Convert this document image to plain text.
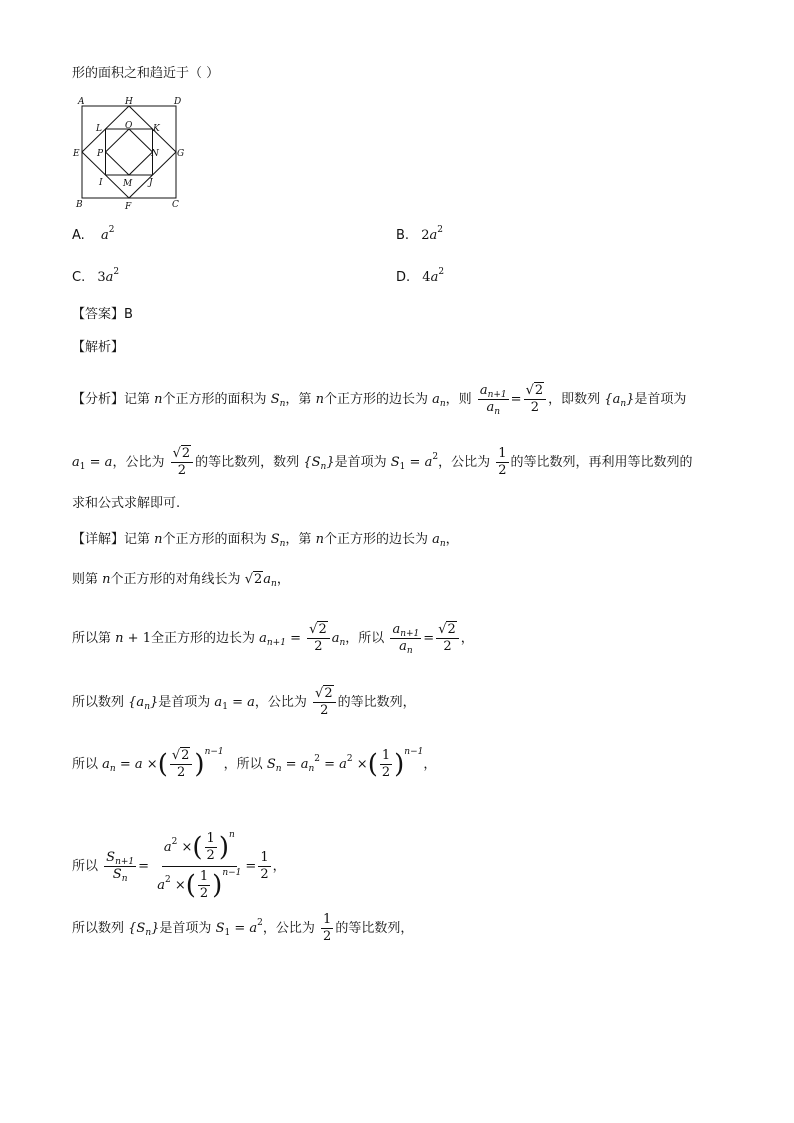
形的面积之和趋近于（ ）
A	H	D
L	O K
E P	N G
I M J
B	F	C
A. $a^2$	B. $2a^2$
C. $3a^2$	D. $4a^2$
【答案】B
【解析】
【分析】记第 n个正方形的面积为 $S_n$，第 n个正方形的边长为 $a_n$，则 $\frac{a_{n+1}}{a_n} = \frac{√2}{2}$ ，即数列 $\{a_n\}$是首项为
$a_1 = a$，公比为 $\frac{√2}{2}$ 的等比数列，数列 $\{S_n\}$是首项为 $S_1 = a^2$，公比为 $\frac{1}{2}$ 的等比数列，再利用等比数列的
求和公式求解即可.
【详解】记第 n个正方形的面积为 $S_n$，第 n个正方形的边长为 $a_n$，
则第 n个正方形的对角线长为 $√2a_n$，
所以第 n + 1全正方形的边长为 $a_{n+1} = \frac{√2}{2} a_n$，所以 $\frac{a_{n+1}}{a_n} = \frac{√2}{2}$ ，
所以数列 $\{a_n\}$是首项为 $a_1 = a$，公比为 $\frac{√2}{2}$ 的等比数列，
所以 $a_n = a$ ×( $\frac{√2}{2} )^{n-1}$，所以 $S_n = a_n^2 = a^2$ ×( $\frac{1}{2} )^{n-1}$，
所以 $\frac{S_{n+1}}{S_n} = \frac{a^2 \times( \frac{1}{2} )^n}{a^2 \times( \frac{1}{2} )^{n-1}} = \frac{1}{2}$ ，
所以数列 $\{S_n\}$是首项为 $S_1 = a^2$，公比为 $\frac{1}{2}$ 的等比数列，
